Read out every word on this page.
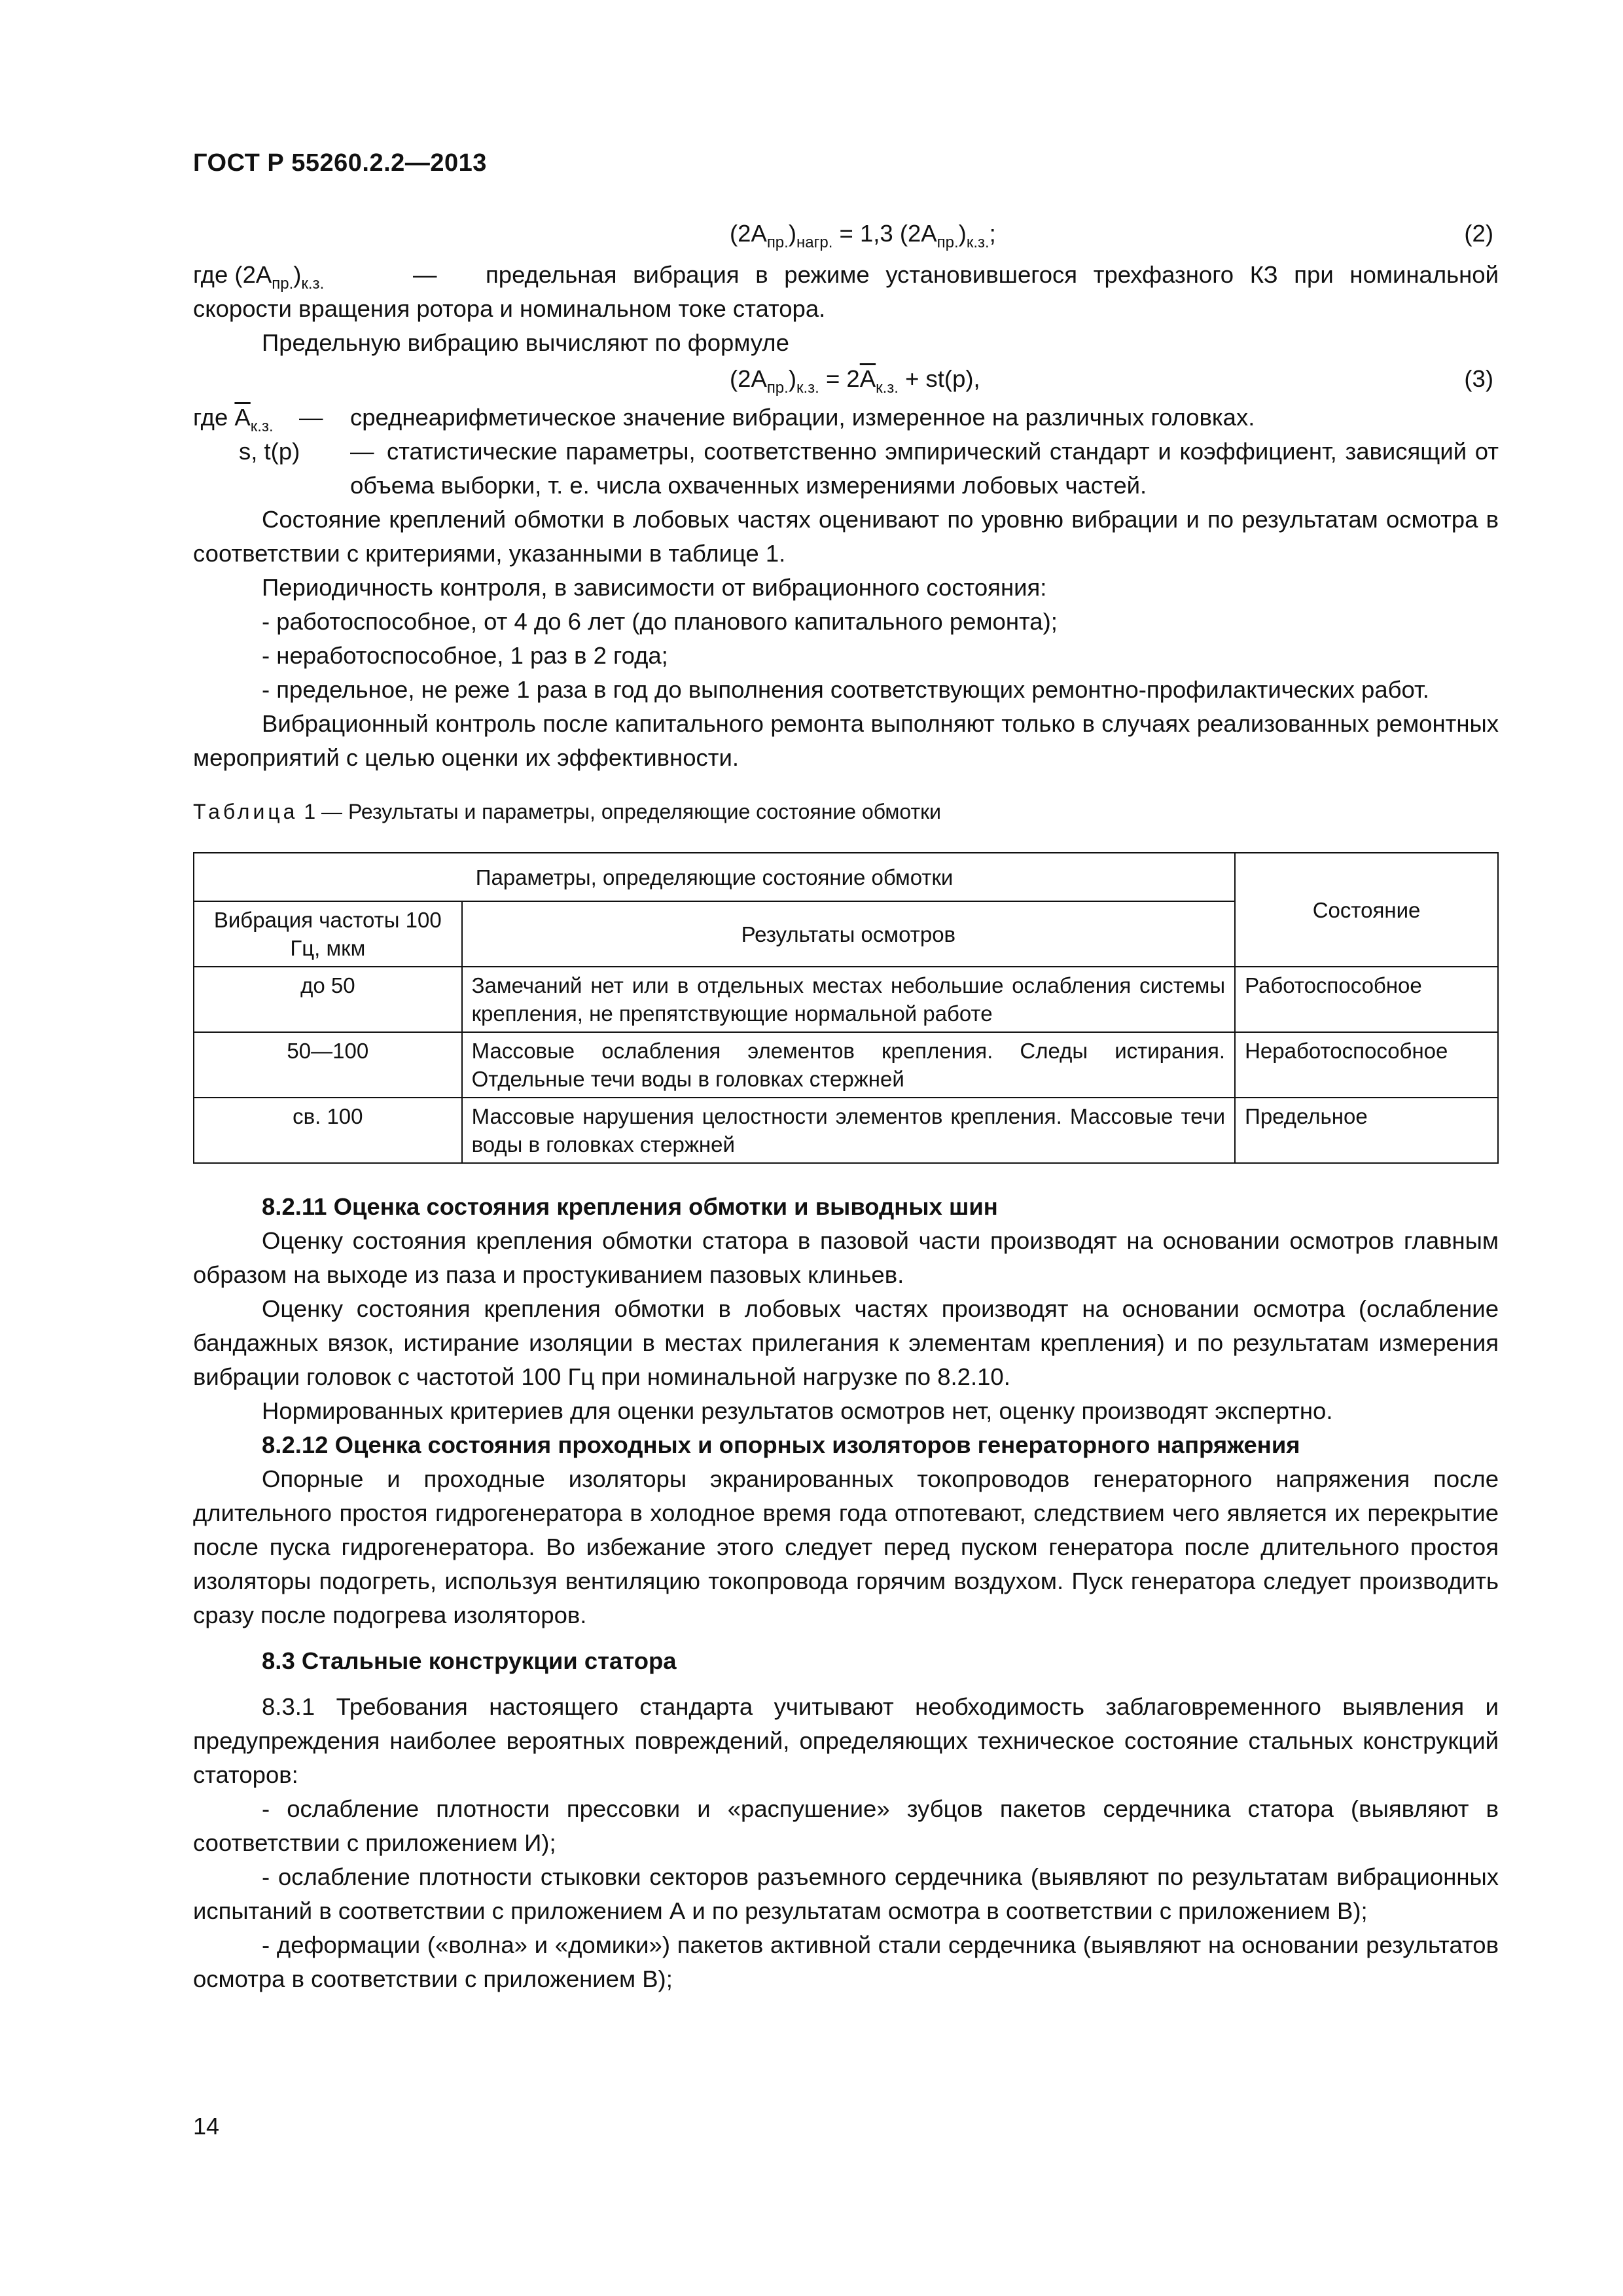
ГОСТ Р 55260.2.2—2013
$(2А_{пр.})_{нагр.} = 1,3$ $(2А_{пр.})_{к.з.}$;	(2)
где $(2А_{пр.})_{к.з.}$	—	предельная вибрация в режиме установившегося трехфазного КЗ при номинальной скорости вращения ротора и номинальном токе статора.

Предельную вибрацию вычисляют по формуле

$(2А_{пр.})_{к.з.} = 2А_{к.з.} + st(p)$,	(3)
где $А_{к.з.}$ —	среднеарифметическое значение вибрации, измеренное на различных головках.

s, t(p) — статистические параметры, соответственно эмпирический стандарт и коэффициент, зависящий от объема выборки, т. е. числа охваченных измерениями лобовых частей.

Состояние креплений обмотки в лобовых частях оценивают по уровню вибрации и по результатам осмотра в соответствии с критериями, указанными в таблице 1.

Периодичность контроля, в зависимости от вибрационного состояния:

- работоспособное, от 4 до 6 лет (до планового капитального ремонта);

- неработоспособное, 1 раз в 2 года;

- предельное, не реже 1 раза в год до выполнения соответствующих ремонтно-профилактических работ.

Вибрационный контроль после капитального ремонта выполняют только в случаях реализованных ремонтных мероприятий с целью оценки их эффективности.

Таблица 1 — Результаты и параметры, определяющие состояние обмотки
Параметры, определяющие состояние обмотки		Состояние
Вибрация частоты 100 Гц, мкм	Результаты осмотров	
до 50	Замечаний нет или в отдельных местах небольшие ослабления системы крепления, не препятствующие нормальной работе	Работоспособное
50—100	Массовые ослабления элементов крепления. Следы истирания. Отдельные течи воды в головках стержней	Неработоспособное
св. 100	Массовые нарушения целостности элементов крепления. Массовые течи воды в головках стержней	Предельное

8.2.11 Оценка состояния крепления обмотки и выводных шин

Оценку состояния крепления обмотки статора в пазовой части производят на основании осмотров главным образом на выходе из паза и простукиванием пазовых клиньев.

Оценку состояния крепления обмотки в лобовых частях производят на основании осмотра (ослабление бандажных вязок, истирание изоляции в местах прилегания к элементам крепления) и по результатам измерения вибрации головок с частотой 100 Гц при номинальной нагрузке по 8.2.10.

Нормированных критериев для оценки результатов осмотров нет, оценку производят экспертно.

8.2.12 Оценка состояния проходных и опорных изоляторов генераторного напряжения

Опорные и проходные изоляторы экранированных токопроводов генераторного напряжения после длительного простоя гидрогенератора в холодное время года отпотевают, следствием чего является их перекрытие после пуска гидрогенератора. Во избежание этого следует перед пуском генератора после длительного простоя изоляторы подогреть, используя вентиляцию токопровода горячим воздухом. Пуск генератора следует производить сразу после подогрева изоляторов.

8.3 Стальные конструкции статора

8.3.1 Требования настоящего стандарта учитывают необходимость заблаговременного выявления и предупреждения наиболее вероятных повреждений, определяющих техническое состояние стальных конструкций статоров:

- ослабление плотности прессовки и «распушение» зубцов пакетов сердечника статора (выявляют в соответствии с приложением И);

- ослабление плотности стыковки секторов разъемного сердечника (выявляют по результатам вибрационных испытаний в соответствии с приложением А и по результатам осмотра в соответствии с приложением В);

- деформации («волна» и «домики») пакетов активной стали сердечника (выявляют на основании результатов осмотра в соответствии с приложением В);

14
